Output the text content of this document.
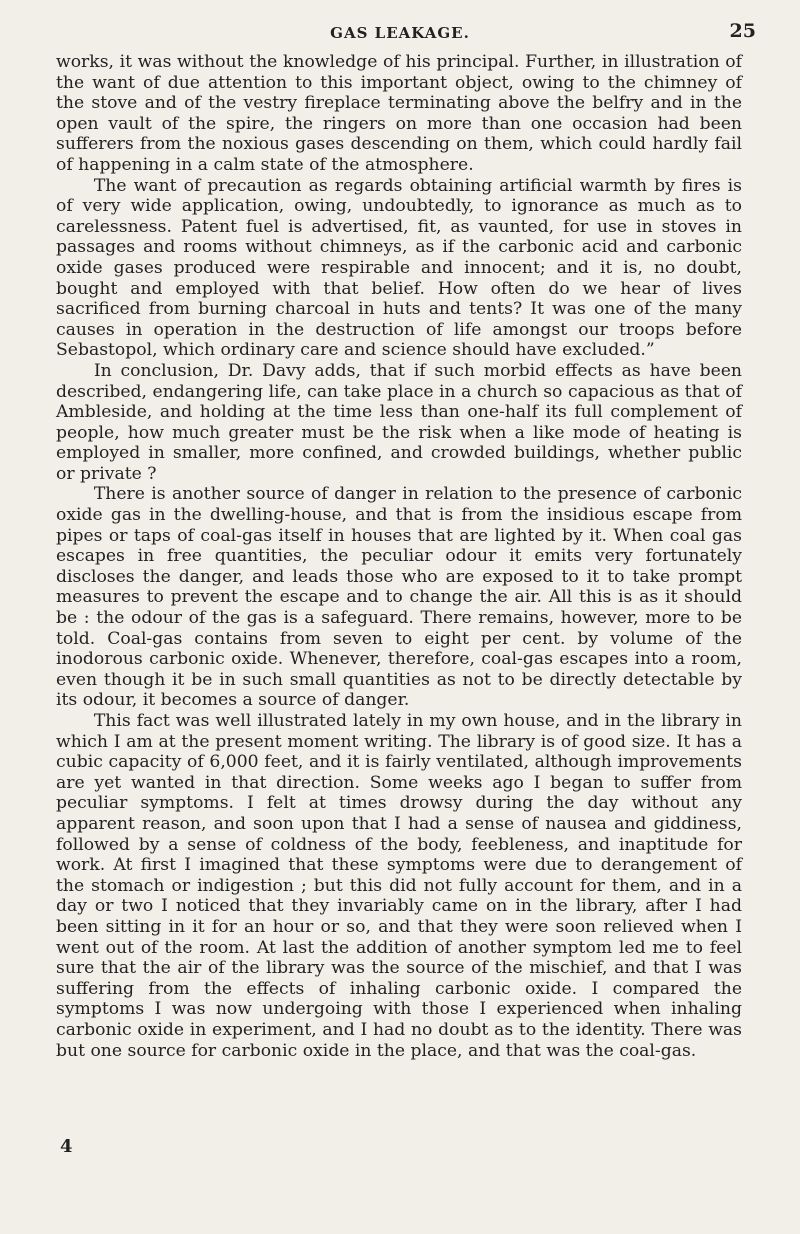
GAS LEAKAGE.	25

works, it was without the knowledge of his principal. Further, in illustration of the want of due attention to this important object, owing to the chimney of the stove and of the vestry fireplace terminating above the belfry and in the open vault of the spire, the ringers on more than one occasion had been sufferers from the noxious gases descending on them, which could hardly fail of happening in a calm state of the atmosphere.

The want of precaution as regards obtaining artificial warmth by fires is of very wide application, owing, undoubtedly, to ignorance as much as to carelessness. Patent fuel is advertised, fit, as vaunted, for use in stoves in passages and rooms without chimneys, as if the carbonic acid and carbonic oxide gases produced were respirable and innocent; and it is, no doubt, bought and employed with that belief. How often do we hear of lives sacrificed from burning charcoal in huts and tents? It was one of the many causes in operation in the destruction of life amongst our troops before Sebastopol, which ordinary care and science should have excluded.”

In conclusion, Dr. Davy adds, that if such morbid effects as have been described, endangering life, can take place in a church so capacious as that of Ambleside, and holding at the time less than one-half its full complement of people, how much greater must be the risk when a like mode of heating is employed in smaller, more confined, and crowded buildings, whether public or private ?

There is another source of danger in relation to the presence of carbonic oxide gas in the dwelling-house, and that is from the insidious escape from pipes or taps of coal-gas itself in houses that are lighted by it. When coal gas escapes in free quantities, the peculiar odour it emits very fortunately discloses the danger, and leads those who are exposed to it to take prompt measures to prevent the escape and to change the air. All this is as it should be : the odour of the gas is a safeguard. There remains, however, more to be told. Coal-gas contains from seven to eight per cent. by volume of the inodorous carbonic oxide. Whenever, therefore, coal-gas escapes into a room, even though it be in such small quantities as not to be directly detectable by its odour, it becomes a source of danger.

This fact was well illustrated lately in my own house, and in the library in which I am at the present moment writing. The library is of good size. It has a cubic capacity of 6,000 feet, and it is fairly ventilated, although improvements are yet wanted in that direction. Some weeks ago I began to suffer from peculiar symptoms. I felt at times drowsy during the day without any apparent reason, and soon upon that I had a sense of nausea and giddiness, followed by a sense of coldness of the body, feebleness, and inaptitude for work. At first I imagined that these symptoms were due to derangement of the stomach or indigestion ; but this did not fully account for them, and in a day or two I noticed that they invariably came on in the library, after I had been sitting in it for an hour or so, and that they were soon relieved when I went out of the room. At last the addition of another symptom led me to feel sure that the air of the library was the source of the mischief, and that I was suffering from the effects of inhaling carbonic oxide. I compared the symptoms I was now undergoing with those I experienced when inhaling carbonic oxide in experiment, and I had no doubt as to the identity. There was but one source for carbonic oxide in the place, and that was the coal-gas.

4
